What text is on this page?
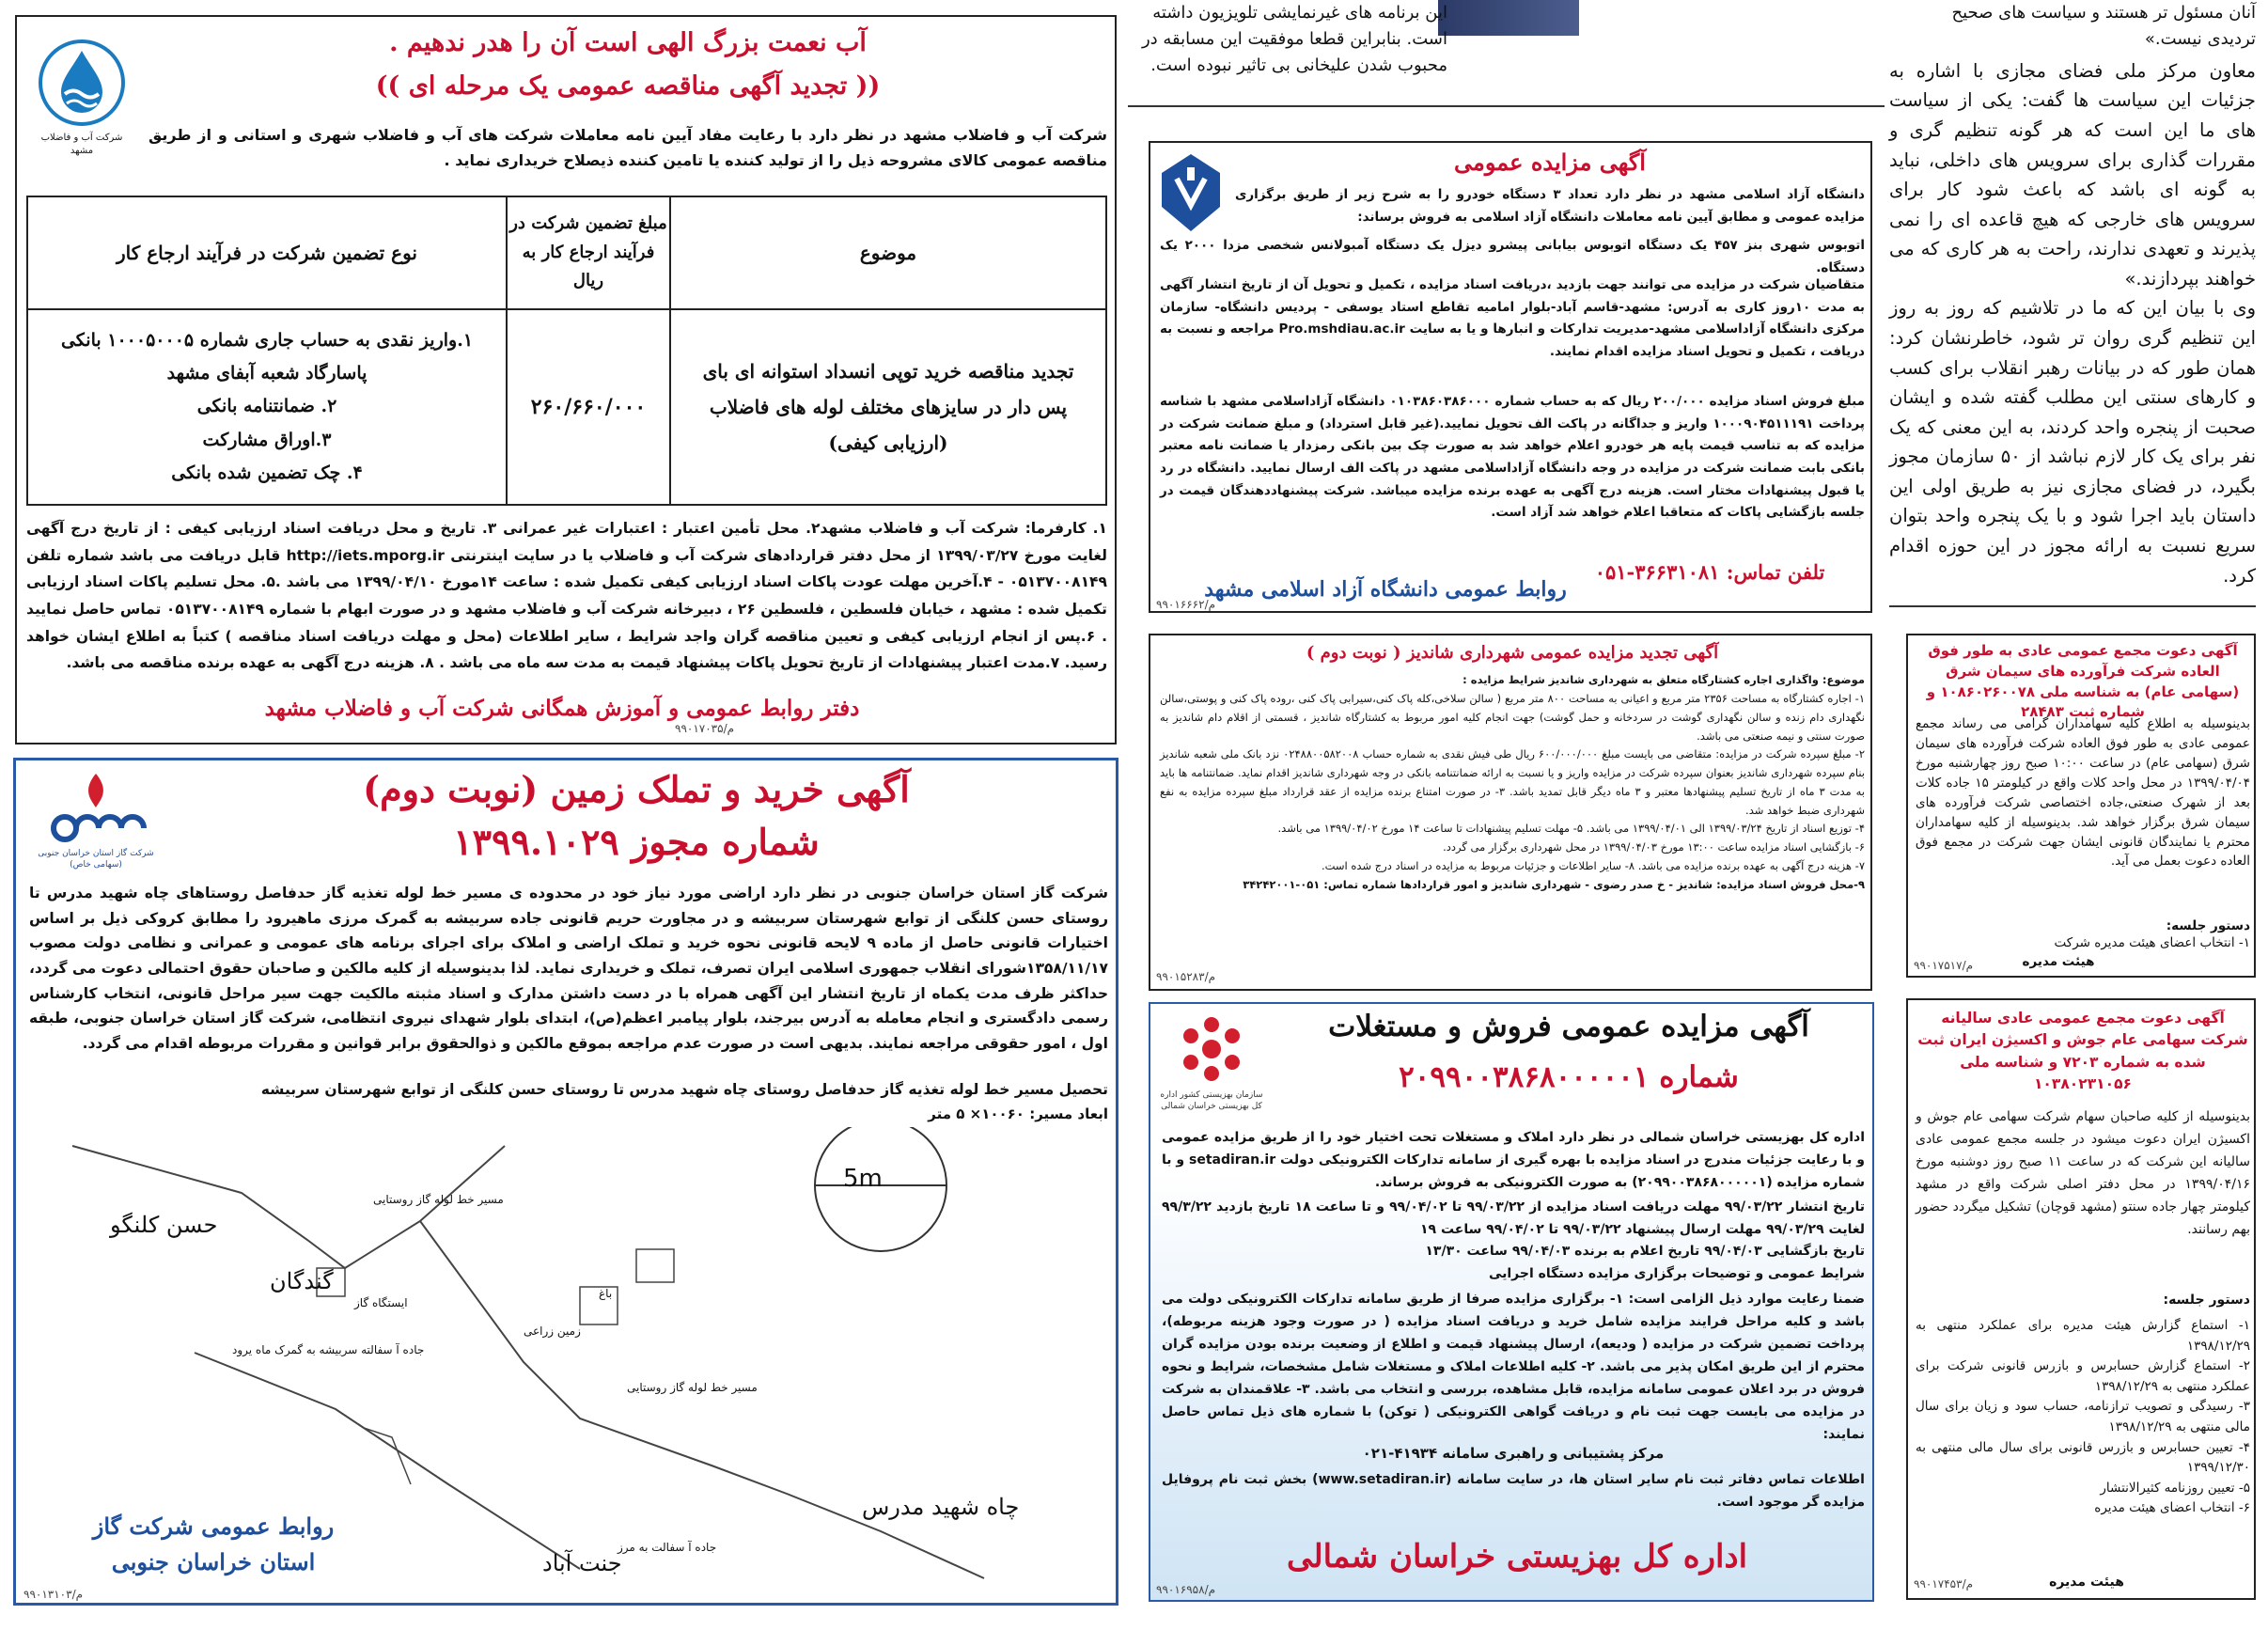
این برنامه های غیرنمایشی تلویزیون داشته

است. بنابراین قطعا موفقیت این مسابقه در

محبوب شدن علیخانی بی تاثیر نبوده است.

آنان مسئول تر هستند و سیاست های صحیح

تردیدی نیست.»

معاون مرکز ملی فضای مجازی با اشاره به جزئیات این سیاست ها گفت: یکی از سیاست های ما این است که هر گونه تنظیم گری و مقررات گذاری برای سرویس های داخلی، نباید به گونه ای باشد که باعث شود کار برای سرویس های خارجی که هیچ قاعده ای را نمی پذیرند و تعهدی ندارند، راحت به هر کاری که می خواهند بپردازند.»

وی با بیان این که ما در تلاشیم که روز به روز این تنظیم گری روان تر شود، خاطرنشان کرد: همان طور که در بیانات رهبر انقلاب برای کسب و کارهای سنتی این مطلب گفته شده و ایشان صحبت از پنجره واحد کردند، به این معنی که یک نفر برای یک کار لازم نباشد از ۵۰ سازمان مجوز بگیرد، در فضای مجازی نیز به طریق اولی این داستان باید اجرا شود و با یک پنجره واحد بتوان سریع نسبت به ارائه مجوز در این حوزه اقدام کرد.

شرکت آب و فاضلاب مشهد
آب نعمت بزرگ الهی است آن را هدر ندهیم .
(( تجدید آگهی مناقصه عمومی یک مرحله ای ))

شرکت آب و فاضلاب مشهد در نظر دارد با رعایت مفاد آیین نامه معاملات شرکت های آب و فاضلاب شهری و استانی و از طریق مناقصه عمومی کالای مشروحه ذیل را از تولید کننده یا تامین کننده ذیصلاح خریداری نماید .

موضوع	مبلغ تضمین شرکت در فرآیند ارجاع کار به ریال	نوع تضمین شرکت در فرآیند ارجاع کار
تجدید مناقصه خرید توپی انسداد استوانه ای بای پس دار در سایزهای مختلف لوله های فاضلاب (ارزیابی کیفی)	۲۶۰/۶۶۰/۰۰۰	۱.واریز نقدی به حساب جاری شماره ۱۰۰۰۵۰۰۰۵ بانکی پاسارگاد شعبه آبفای مشهد
۲. ضمانتنامه بانکی
۳.اوراق مشارکت
۴. چک تضمین شده بانکی

۱. کارفرما: شرکت آب و فاضلاب مشهد۲. محل تأمین اعتبار : اعتبارات غیر عمرانی ۳. تاریخ و محل دریافت اسناد ارزیابی کیفی : از تاریخ درج آگهی لغایت مورخ ۱۳۹۹/۰۳/۲۷ از محل دفتر قراردادهای شرکت آب و فاضلاب یا در سایت اینترنتی http://iets.mporg.ir قابل دریافت می باشد شماره تلفن ۰۵۱۳۷۰۰۸۱۴۹ - ۴.آخرین مهلت عودت پاکات اسناد ارزیابی کیفی تکمیل شده : ساعت ۱۴مورخ ۱۳۹۹/۰۴/۱۰ می باشد .۵. محل تسلیم پاکات اسناد ارزیابی تکمیل شده : مشهد ، خیابان فلسطین ، فلسطین ۲۶ ، دبیرخانه شرکت آب و فاضلاب مشهد و در صورت ابهام با شماره ۰۵۱۳۷۰۰۸۱۴۹ تماس حاصل نمایید . ۶.پس از انجام ارزیابی کیفی و تعیین مناقصه گران واجد شرایط ، سایر اطلاعات (محل و مهلت دریافت اسناد مناقصه ) کتباً به اطلاع ایشان خواهد رسید. ۷.مدت اعتبار پیشنهادات از تاریخ تحویل پاکات پیشنهاد قیمت به مدت سه ماه می باشد . ۸. هزینه درج آگهی به عهده برنده مناقصه می باشد.

دفتر روابط عمومی و آموزش همگانی شرکت آب و فاضلاب مشهد
م/۹۹۰۱۷۰۳۵
شرکت گاز استان خراسان جنوبی (سهامی خاص)
آگهی خرید و تملک زمین (نوبت دوم)
شماره مجوز ۱۳۹۹.۱۰۲۹

شرکت گاز استان خراسان جنوبی در نظر دارد اراضی مورد نیاز خود در محدوده ی مسیر خط لوله تغذیه گاز حدفاصل روستاهای چاه شهید مدرس تا روستای حسن کلنگی از توابع شهرستان سربیشه و در مجاورت حریم قانونی جاده سربیشه به گمرک مرزی ماهیرود را مطابق کروکی ذیل بر اساس اختیارات قانونی حاصل از ماده ۹ لایحه قانونی نحوه خرید و تملک اراضی و املاک برای اجرای برنامه های عمومی و عمرانی و نظامی دولت مصوب ۱۳۵۸/۱۱/۱۷شورای انقلاب جمهوری اسلامی ایران تصرف، تملک و خریداری نماید. لذا بدینوسیله از کلیه مالکین و صاحبان حقوق احتمالی دعوت می گردد، حداکثر ظرف مدت یکماه از تاریخ انتشار این آگهی همراه با در دست داشتن مدارک و اسناد مثبته مالکیت جهت سیر مراحل قانونی، انتخاب کارشناس رسمی دادگستری و انجام معامله به آدرس بیرجند، بلوار پیامبر اعظم(ص)، ابتدای بلوار شهدای نیروی انتظامی، شرکت گاز استان خراسان جنوبی، طبقه اول ، امور حقوقی مراجعه نمایند. بدیهی است در صورت عدم مراجعه بموقع مالکین و ذوالحقوق برابر قوانین و مقررات مربوطه اقدام می گردد.

تحصیل مسیر خط لوله تغذیه گاز حدفاصل روستای چاه شهید مدرس تا روستای حسن کلنگی از توابع شهرستان سربیشه

ابعاد مسیر: ۱۰۰۶۰× ۵ متر

5m
حسن کلنگو
گندگان
چاه شهید مدرس
جنت آباد
مسیر خط لوله گاز روستایی
ایستگاه گاز
جاده آ سفالته سربیشه به گمرک ماه یرود
مسیر خط لوله گاز روستایی
باغ
زمین زراعی
جاده آ سفالت به مرز
روابط عمومی شرکت گاز
استان خراسان جنوبی
م/۹۹۰۱۳۱۰۳
آگهی مزایده عمومی

دانشگاه آزاد اسلامی مشهد در نظر دارد تعداد ۳ دستگاه خودرو را به شرح زیر از طریق برگزاری مزایده عمومی و مطابق آیین نامه معاملات دانشگاه آزاد اسلامی به فروش برساند:

اتوبوس شهری بنز ۴۵۷ یک دستگاه اتوبوس بیابانی پیشرو دیزل یک دستگاه آمبولانس شخصی مزدا ۲۰۰۰ یک دستگاه.

متقاضیان شرکت در مزایده می توانند جهت بازدید ،دریافت اسناد مزایده ، تکمیل و تحویل آن از تاریخ انتشار آگهی به مدت ۱۰روز کاری به آدرس: مشهد-قاسم آباد-بلوار امامیه تقاطع استاد یوسفی - پردیس دانشگاه- سازمان مرکزی دانشگاه آزاداسلامی مشهد-مدیریت تدارکات و انبارها و یا به سایت Pro.mshdiau.ac.ir مراجعه و نسبت به دریافت ، تکمیل و تحویل اسناد مزایده اقدام نمایند.

مبلغ فروش اسناد مزایده ۲۰۰/۰۰۰ ریال که به حساب شماره ۰۱۰۳۸۶۰۳۸۶۰۰۰ دانشگاه آزاداسلامی مشهد با شناسه پرداخت ۱۰۰۰۹۰۴۵۱۱۱۹۱ واریز و جداگانه در پاکت الف تحویل نمایید.(غیر قابل استرداد) و مبلغ ضمانت شرکت در مزایده که به تناسب قیمت پایه هر خودرو اعلام خواهد شد به صورت چک بین بانکی رمزدار یا ضمانت نامه معتبر بانکی بابت ضمانت شرکت در مزایده در وجه دانشگاه آزاداسلامی مشهد در پاکت الف ارسال نمایید. دانشگاه در رد یا قبول پیشنهادات مختار است. هزینه درج آگهی به عهده برنده مزایده میباشد. شرکت پیشنهاددهندگان قیمت در جلسه بازگشایی پاکات که متعاقبا اعلام خواهد شد آزاد است.

تلفن تماس: ۳۶۶۳۱۰۸۱-۰۵۱
روابط عمومی دانشگاه آزاد اسلامی مشهد
م/۹۹۰۱۶۶۶۲
آگهی تجدید مزایده عمومی شهرداری شاندیز ( نوبت دوم )

موضوع: واگذاری اجاره کشتارگاه متعلق به شهرداری شاندیز شرایط مزایده :

۱- اجاره کشتارگاه به مساحت ۲۳۵۶ متر مربع و اعیانی به مساحت ۸۰۰ متر مربع ( سالن سلاخی،کله پاک کنی،سیرابی پاک کنی ،روده پاک کنی و پوستی،سالن نگهداری دام زنده و سالن نگهداری گوشت در سردخانه و حمل گوشت) جهت انجام کلیه امور مربوط به کشتارگاه شاندیز ، قسمتی از اقلام دام شاندیز به صورت سنتی و نیمه صنعتی می باشد.

۲- مبلغ سپرده شرکت در مزایده: متقاضی می بایست مبلغ ۶۰۰/۰۰۰/۰۰۰ ریال طی فیش نقدی به شماره حساب ۰۲۴۸۸۰۰۵۸۲۰۰۸ نزد بانک ملی شعبه شاندیز بنام سپرده شهرداری شاندیز بعنوان سپرده شرکت در مزایده واریز و یا نسبت به ارائه ضمانتنامه بانکی در وجه شهرداری شاندیز اقدام نماید. ضمانتنامه ها باید به مدت ۳ ماه از تاریخ تسلیم پیشنهادها معتبر و ۳ ماه دیگر قابل تمدید باشد. ۳- در صورت امتناع برنده مزایده از عقد قرارداد مبلغ سپرده مزایده به نفع شهرداری ضبط خواهد شد.

۴- توزیع اسناد از تاریخ ۱۳۹۹/۰۳/۲۴ الی ۱۳۹۹/۰۴/۰۱ می باشد. ۵- مهلت تسلیم پیشنهادات تا ساعت ۱۴ مورخ ۱۳۹۹/۰۴/۰۲ می باشد.

۶- بازگشایی اسناد مزایده ساعت ۱۳:۰۰ مورخ ۱۳۹۹/۰۴/۰۳ در محل شهرداری برگزار می گردد.

۷- هزینه درج آگهی به عهده برنده مزایده می باشد. ۸- سایر اطلاعات و جزئیات مربوط به مزایده در اسناد درج شده است.

۹-محل فروش اسناد مزایده: شاندیز - خ صدر رضوی - شهرداری شاندیز و امور قراردادها شماره تماس: ۰۵۱-۳۴۲۴۲۰۰۱

م/۹۹۰۱۵۲۸۳
سازمان بهزیستی کشور اداره کل بهزیستی خراسان شمالی
آگهی مزایده عمومی فروش و مستغلات
شماره ۲۰۹۹۰۰۳۸۶۸۰۰۰۰۰۱

اداره کل بهزیستی خراسان شمالی در نظر دارد املاک و مستغلات تحت اختیار خود را از طریق مزایده عمومی و با رعایت جزئیات مندرج در اسناد مزایده با بهره گیری از سامانه تدارکات الکترونیکی دولت setadiran.ir و با شماره مزایده (۲۰۹۹۰۰۳۸۶۸۰۰۰۰۰۱) به صورت الکترونیکی به فروش برساند.

تاریخ انتشار ۹۹/۰۳/۲۲ مهلت دریافت اسناد مزایده از ۹۹/۰۳/۲۲ تا ۹۹/۰۴/۰۲ و تا ساعت ۱۸ تاریخ بازدید ۹۹/۳/۲۲ لغایت ۹۹/۰۳/۲۹ مهلت ارسال پیشنهاد ۹۹/۰۳/۲۲ تا ۹۹/۰۴/۰۲ ساعت ۱۹

تاریخ بازگشایی ۹۹/۰۴/۰۳ تاریخ اعلام به برنده ۹۹/۰۴/۰۳ ساعت ۱۳/۳۰

شرایط عمومی و توضیحات برگزاری مزایده دستگاه اجرایی

ضمنا رعایت موارد ذیل الزامی است: ۱- برگزاری مزایده صرفا از طریق سامانه تدارکات الکترونیکی دولت می باشد و کلیه مراحل فرایند مزایده شامل خرید و دریافت اسناد مزایده ( در صورت وجود هزینه مربوطه)، پرداخت تضمین شرکت در مزایده ( ودیعه)، ارسال پیشنهاد قیمت و اطلاع از وضعیت برنده بودن مزایده گران محترم از این طریق امکان پذیر می باشد. ۲- کلیه اطلاعات املاک و مستغلات شامل مشخصات، شرایط و نحوه فروش در برد اعلان عمومی سامانه مزایده، قابل مشاهده، بررسی و انتخاب می باشد. ۳- علاقمندان به شرکت در مزایده می بایست جهت ثبت نام و دریافت گواهی الکترونیکی ( توکن) با شماره های ذیل تماس حاصل نمایند:

مرکز پشتیبانی و راهبری سامانه ۴۱۹۳۴-۰۲۱

اطلاعات تماس دفاتر ثبت نام سایر استان ها، در سایت سامانه (www.setadiran.ir) بخش ثبت نام پروفایل مزایده گر موجود است.

اداره کل بهزیستی خراسان شمالی
م/۹۹۰۱۶۹۵۸

آگهی دعوت مجمع عمومی عادی به طور فوق العاده شرکت فرآورده های سیمان شرق (سهامی عام) به شناسه ملی ۱۰۸۶۰۲۶۰۰۷۸ و شماره ثبت ۲۸۴۸۳

بدینوسیله به اطلاع کلیه سهامداران گرامی می رساند مجمع عمومی عادی به طور فوق العاده شرکت فرآورده های سیمان شرق (سهامی عام) در ساعت ۱۰:۰۰ صبح روز چهارشنبه مورخ ۱۳۹۹/۰۴/۰۴ در محل واحد کلات واقع در کیلومتر ۱۵ جاده کلات بعد از شهرک صنعتی،جاده اختصاصی شرکت فرآورده های سیمان شرق برگزار خواهد شد. بدینوسیله از کلیه سهامداران محترم یا نمایندگان قانونی ایشان جهت شرکت در مجمع فوق العاده دعوت بعمل می آید.

دستور جلسه:

۱- انتخاب اعضای هیئت مدیره شرکت

هیئت مدیره

م/۹۹۰۱۷۵۱۷

آگهی دعوت مجمع عمومی عادی سالیانه شرکت سهامی عام جوش و اکسیژن ایران ثبت شده به شماره ۷۲۰۳ و شناسه ملی ۱۰۳۸۰۲۳۱۰۵۶

بدینوسیله از کلیه صاحبان سهام شرکت سهامی عام جوش و اکسیژن ایران دعوت میشود در جلسه مجمع عمومی عادی سالیانه این شرکت که در ساعت ۱۱ صبح روز دوشنبه مورخ ۱۳۹۹/۰۴/۱۶ در محل دفتر اصلی شرکت واقع در مشهد کیلومتر چهار جاده سنتو (مشهد قوچان) تشکیل میگردد حضور بهم رسانند.

دستور جلسه:

۱- استماع گزارش هیئت مدیره برای عملکرد منتهی به ۱۳۹۸/۱۲/۲۹

۲- استماع گزارش حسابرس و بازرس قانونی شرکت برای عملکرد منتهی به ۱۳۹۸/۱۲/۲۹

۳- رسیدگی و تصویب ترازنامه، حساب سود و زیان برای سال مالی منتهی به ۱۳۹۸/۱۲/۲۹

۴- تعیین حسابرس و بازرس قانونی برای سال مالی منتهی به ۱۳۹۹/۱۲/۳۰

۵- تعیین روزنامه کثیرالانتشار

۶- انتخاب اعضای هیئت مدیره

هیئت مدیره

م/۹۹۰۱۷۴۵۳
